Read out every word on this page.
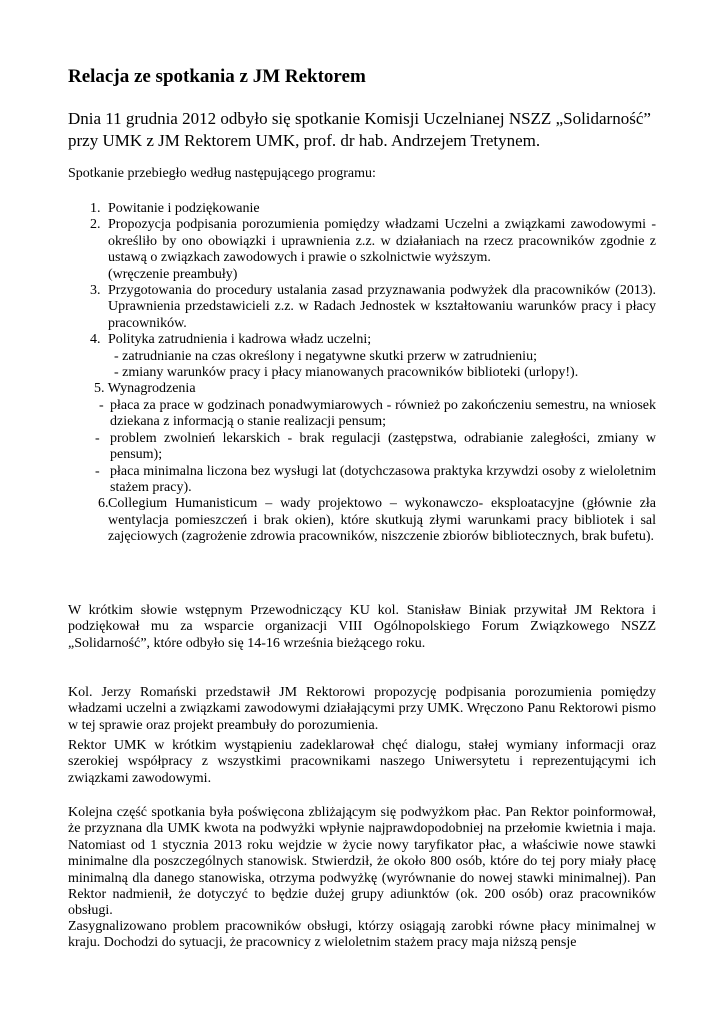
Relacja ze spotkania z JM Rektorem
Dnia 11 grudnia 2012 odbyło się spotkanie Komisji Uczelnianej NSZZ „Solidarność” przy UMK z JM Rektorem UMK, prof. dr hab. Andrzejem Tretynem.
Spotkanie przebiegło według następującego programu:
1. Powitanie i podziękowanie
2. Propozycja podpisania porozumienia pomiędzy władzami Uczelni a związkami zawodowymi - określiło by ono obowiązki i uprawnienia z.z. w działaniach na rzecz pracowników zgodnie z ustawą o związkach zawodowych i prawie o szkolnictwie wyższym.
(wręczenie preambuły)
3. Przygotowania do procedury ustalania zasad przyznawania podwyżek dla pracowników (2013). Uprawnienia przedstawicieli z.z. w Radach Jednostek w kształtowaniu warunków pracy i płacy pracowników.
4. Polityka zatrudnienia i kadrowa władz uczelni;
- zatrudnianie na czas określony i negatywne skutki przerw w zatrudnieniu;
- zmiany warunków pracy i płacy mianowanych pracowników biblioteki (urlopy!).
5. Wynagrodzenia
- płaca za prace w godzinach ponadwymiarowych - również po zakończeniu semestru, na wniosek dziekana z informacją o stanie realizacji pensum;
- problem zwolnień lekarskich - brak regulacji (zastępstwa, odrabianie zaległości, zmiany w pensum);
- płaca minimalna liczona bez wysługi lat (dotychczasowa praktyka krzywdzi osoby z wieloletnim stażem pracy).
6. Collegium Humanisticum – wady projektowo – wykonawczo- eksploatacyjne (głównie zła wentylacja pomieszczeń i brak okien), które skutkują złymi warunkami pracy bibliotek i sal zajęciowych (zagrożenie zdrowia pracowników, niszczenie zbiorów bibliotecznych, brak bufetu).

W krótkim słowie wstępnym Przewodniczący KU kol. Stanisław Biniak przywitał JM Rektora i podziękował mu za wsparcie organizacji VIII Ogólnopolskiego Forum Związkowego NSZZ „Solidarność”, które odbyło się 14-16 września bieżącego roku.

Kol. Jerzy Romański przedstawił JM Rektorowi propozycję podpisania porozumienia pomiędzy władzami uczelni a związkami zawodowymi działającymi przy UMK. Wręczono Panu Rektorowi pismo w tej sprawie oraz projekt preambuły do porozumienia.

Rektor UMK w krótkim wystąpieniu zadeklarował chęć dialogu, stałej wymiany informacji oraz szerokiej współpracy z wszystkimi pracownikami naszego Uniwersytetu i reprezentującymi ich związkami zawodowymi.

Kolejna część spotkania była poświęcona zbliżającym się podwyżkom płac. Pan Rektor poinformował, że przyznana dla UMK kwota na podwyżki wpłynie najprawdopodobniej na przełomie kwietnia i maja. Natomiast od 1 stycznia 2013 roku wejdzie w życie nowy taryfikator płac, a właściwie nowe stawki minimalne dla poszczególnych stanowisk. Stwierdził, że około 800 osób, które do tej pory miały płacę minimalną dla danego stanowiska, otrzyma podwyżkę (wyrównanie do nowej stawki minimalnej). Pan Rektor nadmienił, że dotyczyć to będzie dużej grupy adiunktów (ok. 200 osób) oraz pracowników obsługi.

Zasygnalizowano problem pracowników obsługi, którzy osiągają zarobki równe płacy minimalnej w kraju. Dochodzi do sytuacji, że pracownicy z wieloletnim stażem pracy maja niższą pensje
